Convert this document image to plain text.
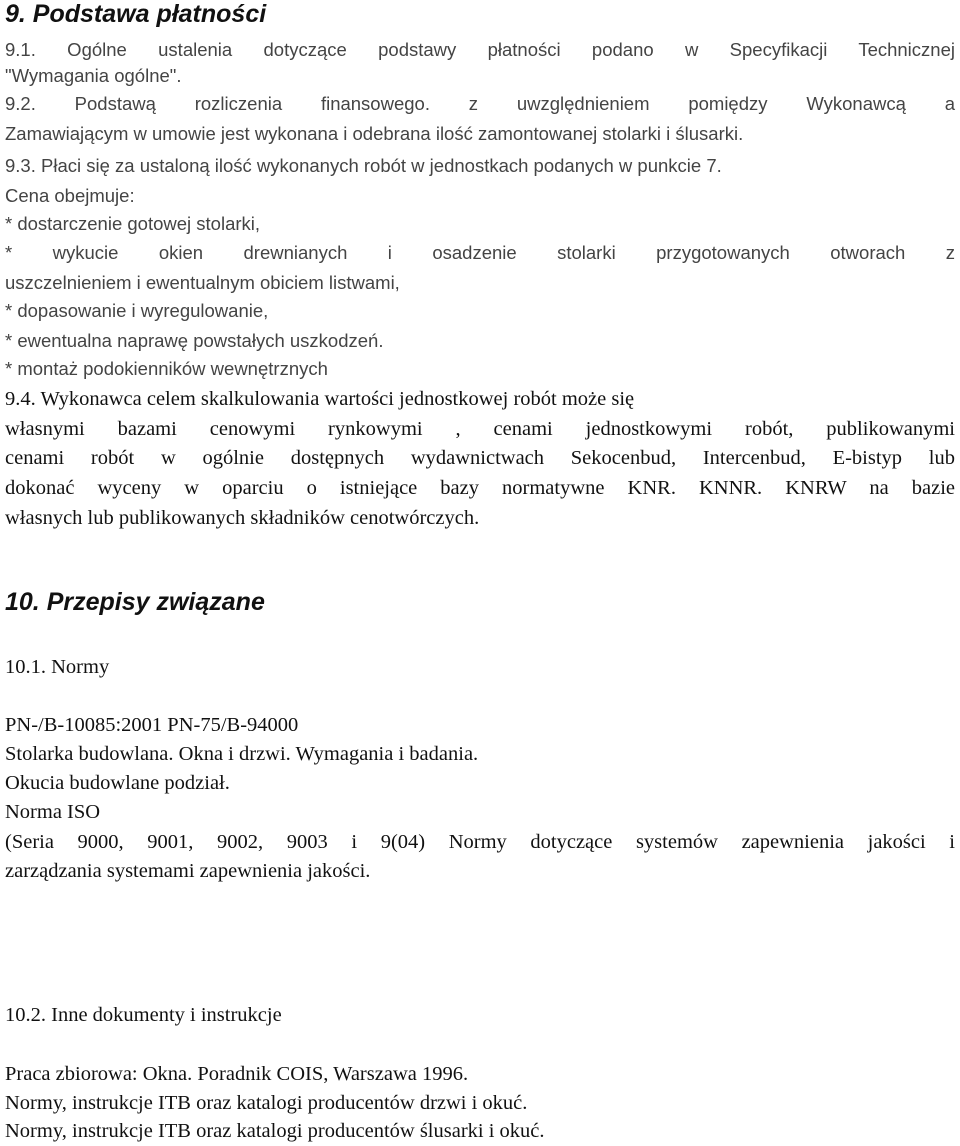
9. Podstawa płatności
9.1. Ogólne ustalenia dotyczące podstawy płatności podano w Specyfikacji Technicznej
"Wymagania ogólne".
9.2. Podstawą rozliczenia finansowego. z uwzględnieniem pomiędzy Wykonawcą a
Zamawiającym w umowie jest wykonana i odebrana ilość zamontowanej stolarki i ślusarki.
9.3. Płaci się za ustaloną ilość wykonanych robót w jednostkach podanych w punkcie 7.
Cena obejmuje:
* dostarczenie gotowej stolarki,
* wykucie okien drewnianych i osadzenie stolarki przygotowanych otworach z
uszczelnieniem i ewentualnym obiciem listwami,
* dopasowanie i wyregulowanie,
* ewentualna naprawę powstałych uszkodzeń.
* montaż podokienników wewnętrznych
9.4. Wykonawca celem skalkulowania wartości jednostkowej robót może się
własnymi bazami cenowymi rynkowymi , cenami jednostkowymi robót, publikowanymi
cenami robót w ogólnie dostępnych wydawnictwach Sekocenbud, Intercenbud, E-bistyp lub
dokonać wyceny w oparciu o istniejące bazy normatywne KNR. KNNR. KNRW na bazie
własnych lub publikowanych składników cenotwórczych.
10. Przepisy związane
10.1. Normy
PN-/B-10085:2001 PN-75/B-94000
Stolarka budowlana. Okna i drzwi. Wymagania i badania.
Okucia budowlane podział.
Norma ISO
(Seria 9000, 9001, 9002, 9003 i 9(04) Normy dotyczące systemów zapewnienia jakości i
zarządzania systemami zapewnienia jakości.
10.2. Inne dokumenty i instrukcje
Praca zbiorowa: Okna. Poradnik COIS, Warszawa 1996.
Normy, instrukcje ITB oraz katalogi producentów drzwi i okuć.
Normy, instrukcje ITB oraz katalogi producentów ślusarki i okuć.
